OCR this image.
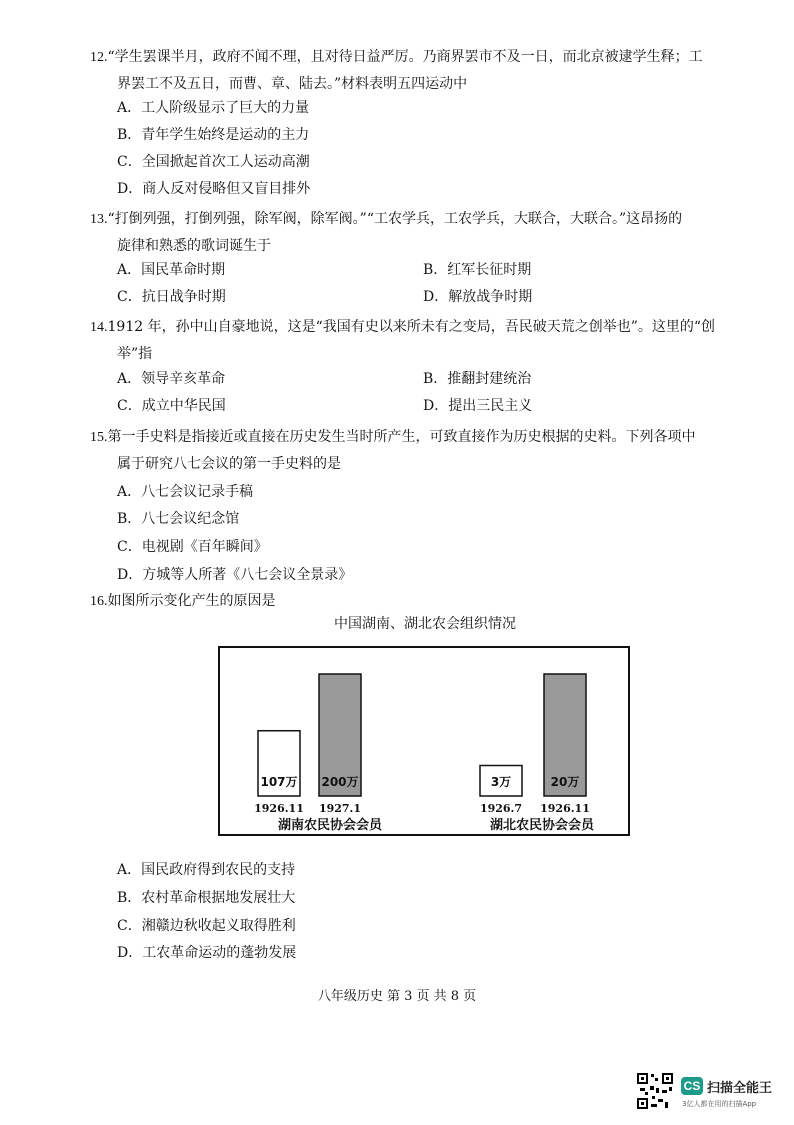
12.“学生罢课半月，政府不闻不理，且对待日益严厉。乃商界罢市不及一日，而北京被逮学生释；工
界罢工不及五日，而曹、章、陆去。”材料表明五四运动中
A．工人阶级显示了巨大的力量
B．青年学生始终是运动的主力
C．全国掀起首次工人运动高潮
D．商人反对侵略但又盲目排外
13.“打倒列强，打倒列强，除军阀，除军阀。”“工农学兵，工农学兵，大联合，大联合。”这昂扬的
旋律和熟悉的歌词诞生于
A．国民革命时期	B．红军长征时期
C．抗日战争时期	D．解放战争时期
14.1912 年，孙中山自豪地说，这是“我国有史以来所未有之变局，吾民破天荒之创举也”。这里的“创
举”指
A．领导辛亥革命	B．推翻封建统治
C．成立中华民国	D．提出三民主义
15.第一手史料是指接近或直接在历史发生当时所产生，可致直接作为历史根据的史料。下列各项中
属于研究八七会议的第一手史料的是
A．八七会议记录手稿
B．八七会议纪念馆
C．电视剧《百年瞬间》
D．方城等人所著《八七会议全景录》
16.如图所示变化产生的原因是
中国湖南、湖北农会组织情况
107万
1926.11
200万
1927.1
湖南农民协会会员
3万
1926.7
20万
1926.11
湖北农民协会会员
A．国民政府得到农民的支持
B．农村革命根据地发展壮大
C．湘赣边秋收起义取得胜利
D．工农革命运动的蓬勃发展
八年级历史 第 3 页 共 8 页
CS 扫描全能王
3亿人都在用的扫描App
